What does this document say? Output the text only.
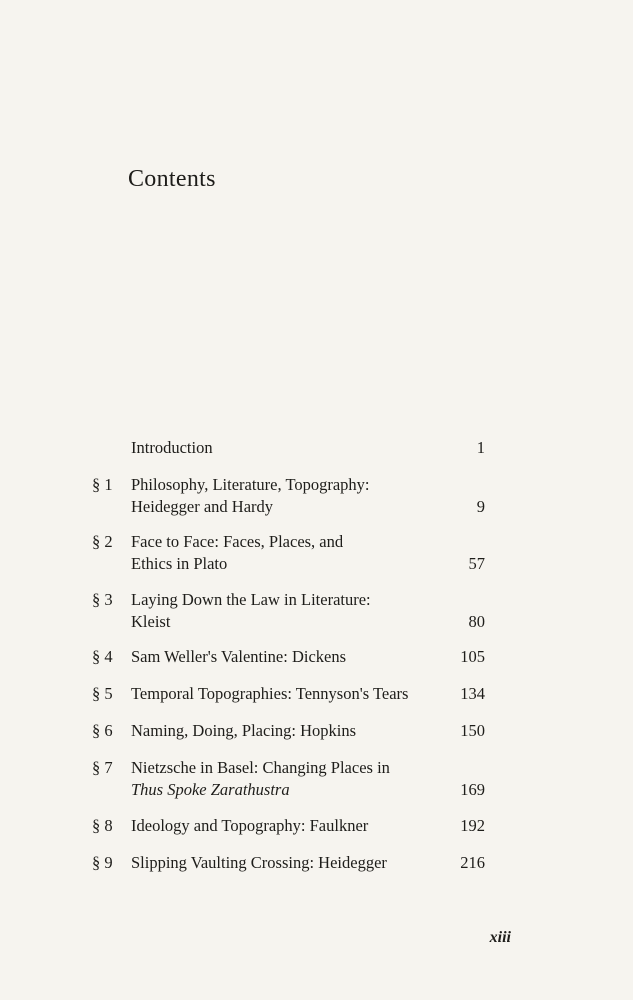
Contents
Introduction	1
§ 1 Philosophy, Literature, Topography:
Heidegger and Hardy	9
§ 2 Face to Face: Faces, Places, and
Ethics in Plato	57
§ 3 Laying Down the Law in Literature:
Kleist	80
§ 4 Sam Weller's Valentine: Dickens	105
§ 5 Temporal Topographies: Tennyson's Tears	134
§ 6 Naming, Doing, Placing: Hopkins	150
§ 7 Nietzsche in Basel: Changing Places in
Thus Spoke Zarathustra	169
§ 8 Ideology and Topography: Faulkner	192
§ 9 Slipping Vaulting Crossing: Heidegger	216
xiii
